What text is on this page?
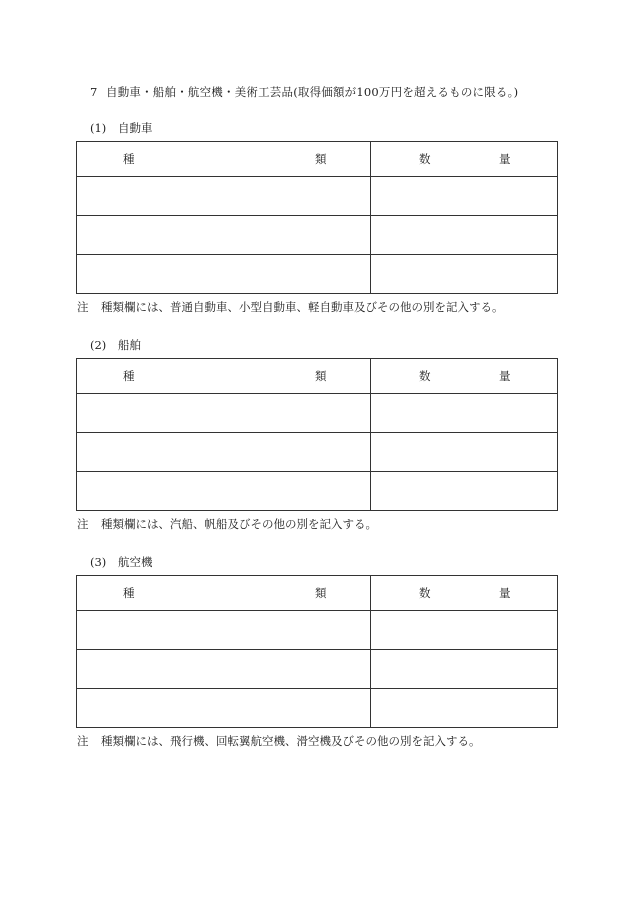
7 自動車・船舶・航空機・美術工芸品(取得価額が100万円を超えるものに限る。)
(1) 自動車
種 類	数 量

注 種類欄には、普通自動車、小型自動車、軽自動車及びその他の別を記入する。
(2) 船舶
種 類	数 量

注 種類欄には、汽船、帆船及びその他の別を記入する。
(3) 航空機
種 類	数 量

注 種類欄には、飛行機、回転翼航空機、滑空機及びその他の別を記入する。
